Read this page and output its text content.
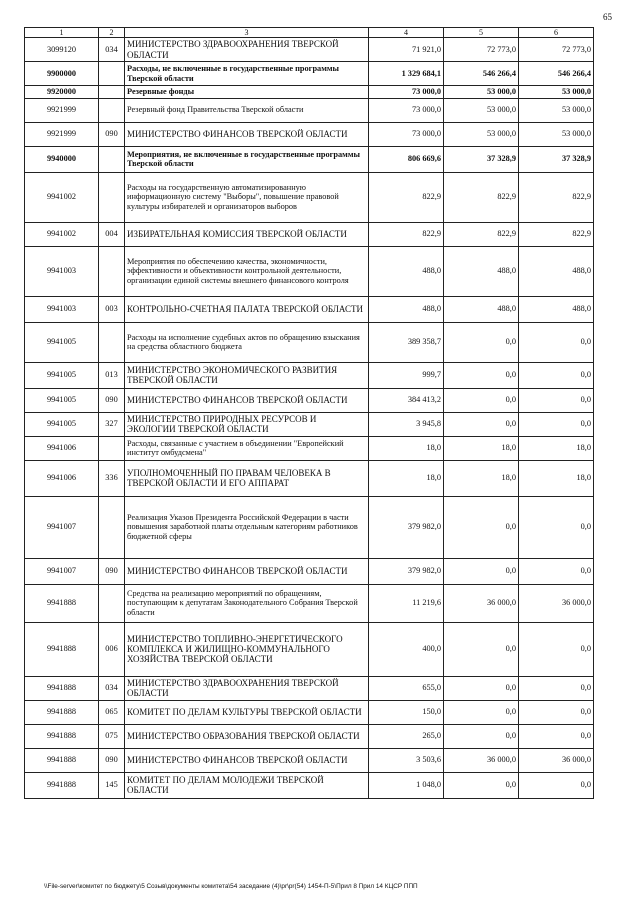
65
1	2	3	4	5	6
3099120	034	МИНИСТЕРСТВО ЗДРАВООХРАНЕНИЯ ТВЕРСКОЙ ОБЛАСТИ	71 921,0	72 773,0	72 773,0
9900000		Расходы, не включенные в государственные программы Тверской области	1 329 684,1	546 266,4	546 266,4
9920000		Резервные фонды	73 000,0	53 000,0	53 000,0
9921999		Резервный фонд Правительства Тверской области	73 000,0	53 000,0	53 000,0
9921999	090	МИНИСТЕРСТВО ФИНАНСОВ ТВЕРСКОЙ ОБЛАСТИ	73 000,0	53 000,0	53 000,0
9940000		Мероприятия, не включенные в государственные программы Тверской области	806 669,6	37 328,9	37 328,9
9941002		Расходы на государственную автоматизированную информационную систему "Выборы", повышение правовой культуры избирателей и организаторов выборов	822,9	822,9	822,9
9941002	004	ИЗБИРАТЕЛЬНАЯ КОМИССИЯ ТВЕРСКОЙ ОБЛАСТИ	822,9	822,9	822,9
9941003		Мероприятия по обеспечению качества, экономичности, эффективности и объективности контрольной деятельности, организации единой системы внешнего финансового контроля	488,0	488,0	488,0
9941003	003	КОНТРОЛЬНО-СЧЕТНАЯ ПАЛАТА ТВЕРСКОЙ ОБЛАСТИ	488,0	488,0	488,0
9941005		Расходы на исполнение судебных актов по обращению взыскания на средства областного бюджета	389 358,7	0,0	0,0
9941005	013	МИНИСТЕРСТВО ЭКОНОМИЧЕСКОГО РАЗВИТИЯ ТВЕРСКОЙ ОБЛАСТИ	999,7	0,0	0,0
9941005	090	МИНИСТЕРСТВО ФИНАНСОВ ТВЕРСКОЙ ОБЛАСТИ	384 413,2	0,0	0,0
9941005	327	МИНИСТЕРСТВО ПРИРОДНЫХ РЕСУРСОВ И ЭКОЛОГИИ ТВЕРСКОЙ ОБЛАСТИ	3 945,8	0,0	0,0
9941006		Расходы, связанные с участием в объединении "Европейский институт омбудсмена"	18,0	18,0	18,0
9941006	336	УПОЛНОМОЧЕННЫЙ ПО ПРАВАМ ЧЕЛОВЕКА В ТВЕРСКОЙ ОБЛАСТИ И ЕГО АППАРАТ	18,0	18,0	18,0
9941007		Реализация Указов Президента Российской Федерации в части повышения заработной платы отдельным категориям работников бюджетной сферы	379 982,0	0,0	0,0
9941007	090	МИНИСТЕРСТВО ФИНАНСОВ ТВЕРСКОЙ ОБЛАСТИ	379 982,0	0,0	0,0
9941888		Средства на реализацию мероприятий по обращениям, поступающим к депутатам Законодательного Собрания Тверской области	11 219,6	36 000,0	36 000,0
9941888	006	МИНИСТЕРСТВО ТОПЛИВНО-ЭНЕРГЕТИЧЕСКОГО КОМПЛЕКСА И ЖИЛИЩНО-КОММУНАЛЬНОГО ХОЗЯЙСТВА ТВЕРСКОЙ ОБЛАСТИ	400,0	0,0	0,0
9941888	034	МИНИСТЕРСТВО ЗДРАВООХРАНЕНИЯ ТВЕРСКОЙ ОБЛАСТИ	655,0	0,0	0,0
9941888	065	КОМИТЕТ ПО ДЕЛАМ КУЛЬТУРЫ ТВЕРСКОЙ ОБЛАСТИ	150,0	0,0	0,0
9941888	075	МИНИСТЕРСТВО ОБРАЗОВАНИЯ ТВЕРСКОЙ ОБЛАСТИ	265,0	0,0	0,0
9941888	090	МИНИСТЕРСТВО ФИНАНСОВ ТВЕРСКОЙ ОБЛАСТИ	3 503,6	36 000,0	36 000,0
9941888	145	КОМИТЕТ ПО ДЕЛАМ МОЛОДЕЖИ ТВЕРСКОЙ ОБЛАСТИ	1 048,0	0,0	0,0
\\File-server\комитет по бюджету\5 Созыв\документы комитета\54 заседание (4)\pr\pr(54) 1454-П-5\Прил 8 Прил 14 КЦСР ППП
